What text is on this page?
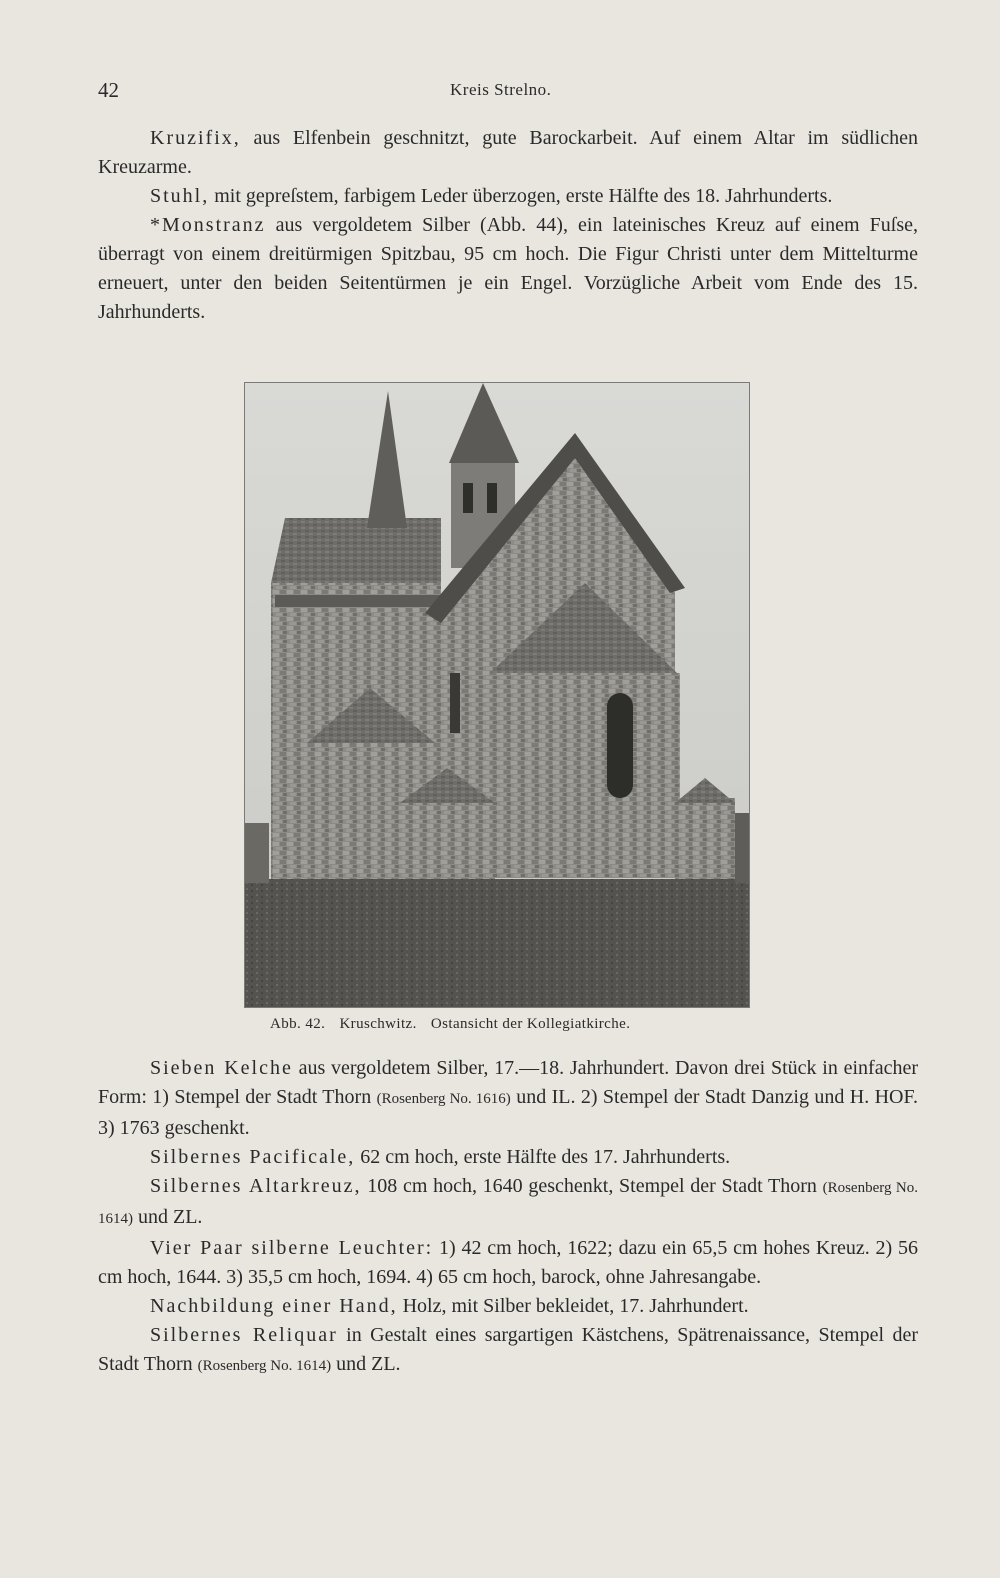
42	Kreis Strelno.

Kruzifix, aus Elfenbein geschnitzt, gute Barockarbeit. Auf einem Altar im südlichen Kreuzarme.

Stuhl, mit gepreſstem, farbigem Leder überzogen, erste Hälfte des 18. Jahrhunderts.

*Monstranz aus vergoldetem Silber (Abb. 44), ein lateinisches Kreuz auf einem Fuſse, überragt von einem dreitürmigen Spitzbau, 95 cm hoch. Die Figur Christi unter dem Mittelturme erneuert, unter den beiden Seitentürmen je ein Engel. Vorzügliche Arbeit vom Ende des 15. Jahrhunderts.

Abb. 42. Kruschwitz. Ostansicht der Kollegiatkirche.

Sieben Kelche aus vergoldetem Silber, 17.—18. Jahrhundert. Davon drei Stück in einfacher Form: 1) Stempel der Stadt Thorn (Rosenberg No. 1616) und IL. 2) Stempel der Stadt Danzig und H. HOF. 3) 1763 geschenkt.

Silbernes Pacificale, 62 cm hoch, erste Hälfte des 17. Jahrhunderts.

Silbernes Altarkreuz, 108 cm hoch, 1640 geschenkt, Stempel der Stadt Thorn (Rosenberg No. 1614) und ZL.

Vier Paar silberne Leuchter: 1) 42 cm hoch, 1622; dazu ein 65,5 cm hohes Kreuz. 2) 56 cm hoch, 1644. 3) 35,5 cm hoch, 1694. 4) 65 cm hoch, barock, ohne Jahresangabe.

Nachbildung einer Hand, Holz, mit Silber bekleidet, 17. Jahrhundert.

Silbernes Reliquar in Gestalt eines sargartigen Kästchens, Spätrenaissance, Stempel der Stadt Thorn (Rosenberg No. 1614) und ZL.
